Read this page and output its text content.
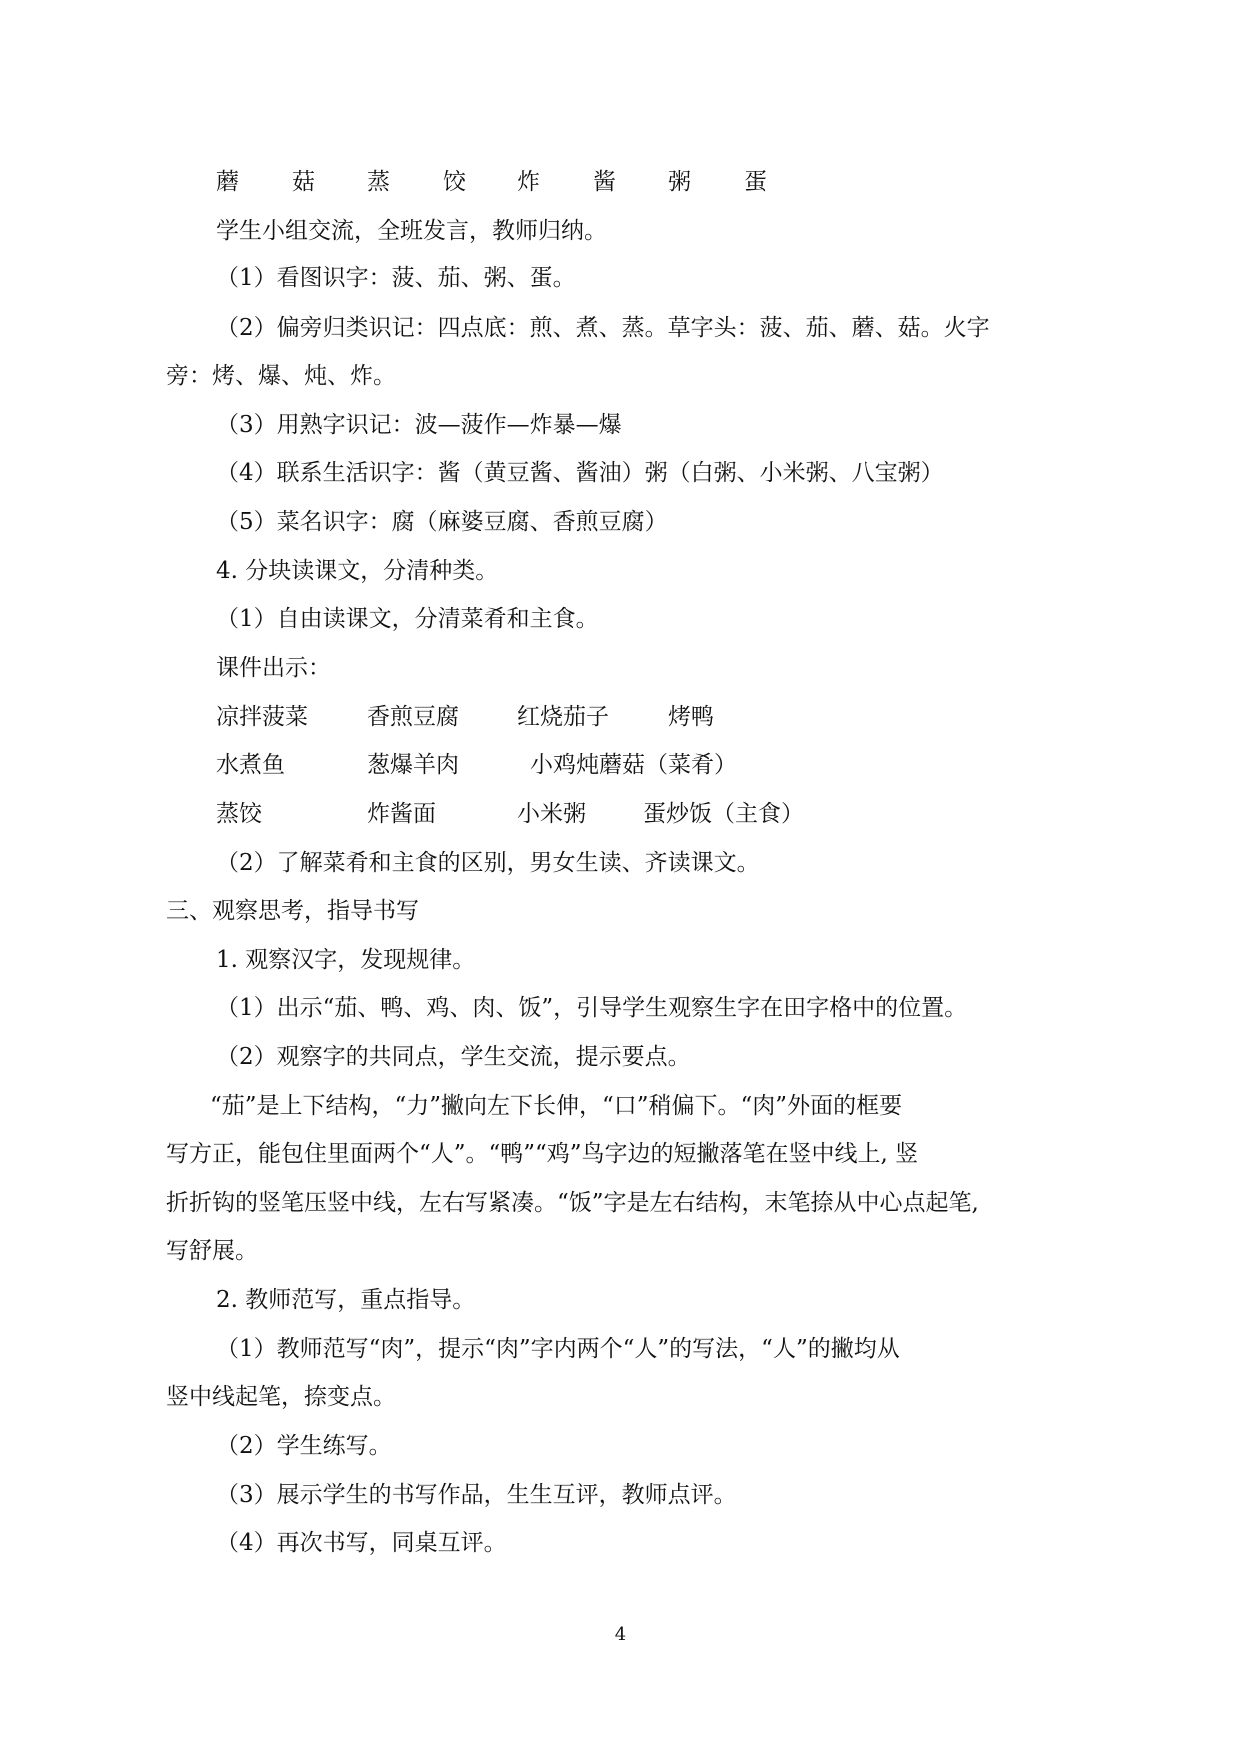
蘑 菇 蒸 饺 炸 酱 粥 蛋
学生小组交流，全班发言，教师归纳。
（1）看图识字：菠、茄、粥、蛋。
（2）偏旁归类识记：四点底：煎、煮、蒸。草字头：菠、茄、蘑、菇。火字
旁：烤、爆、炖、炸。
（3）用熟字识记：波—菠作—炸暴—爆
（4）联系生活识字：酱（黄豆酱、酱油）粥（白粥、小米粥、八宝粥）
（5）菜名识字：腐（麻婆豆腐、香煎豆腐）
4. 分块读课文，分清种类。
（1）自由读课文，分清菜肴和主食。
课件出示：
凉拌菠菜	香煎豆腐	红烧茄子	烤鸭
水煮鱼	葱爆羊肉	小鸡炖蘑菇（菜肴）
蒸饺	炸酱面	小米粥 蛋炒饭（主食）
（2）了解菜肴和主食的区别，男女生读、齐读课文。
三、观察思考，指导书写
1. 观察汉字，发现规律。
（1）出示“茄、鸭、鸡、肉、饭”，引导学生观察生字在田字格中的位置。
（2）观察字的共同点，学生交流，提示要点。
“茄”是上下结构，“力”撇向左下长伸，“口”稍偏下。“肉”外面的框要
写方正，能包住里面两个“人”。“鸭”“鸡”鸟字边的短撇落笔在竖中线上, 竖
折折钩的竖笔压竖中线，左右写紧凑。“饭”字是左右结构，末笔捺从中心点起笔,
写舒展。
2. 教师范写，重点指导。
（1）教师范写“肉”，提示“肉”字内两个“人”的写法，“人”的撇均从
竖中线起笔，捺变点。
（2）学生练写。
（3）展示学生的书写作品，生生互评，教师点评。
（4）再次书写，同桌互评。
4
